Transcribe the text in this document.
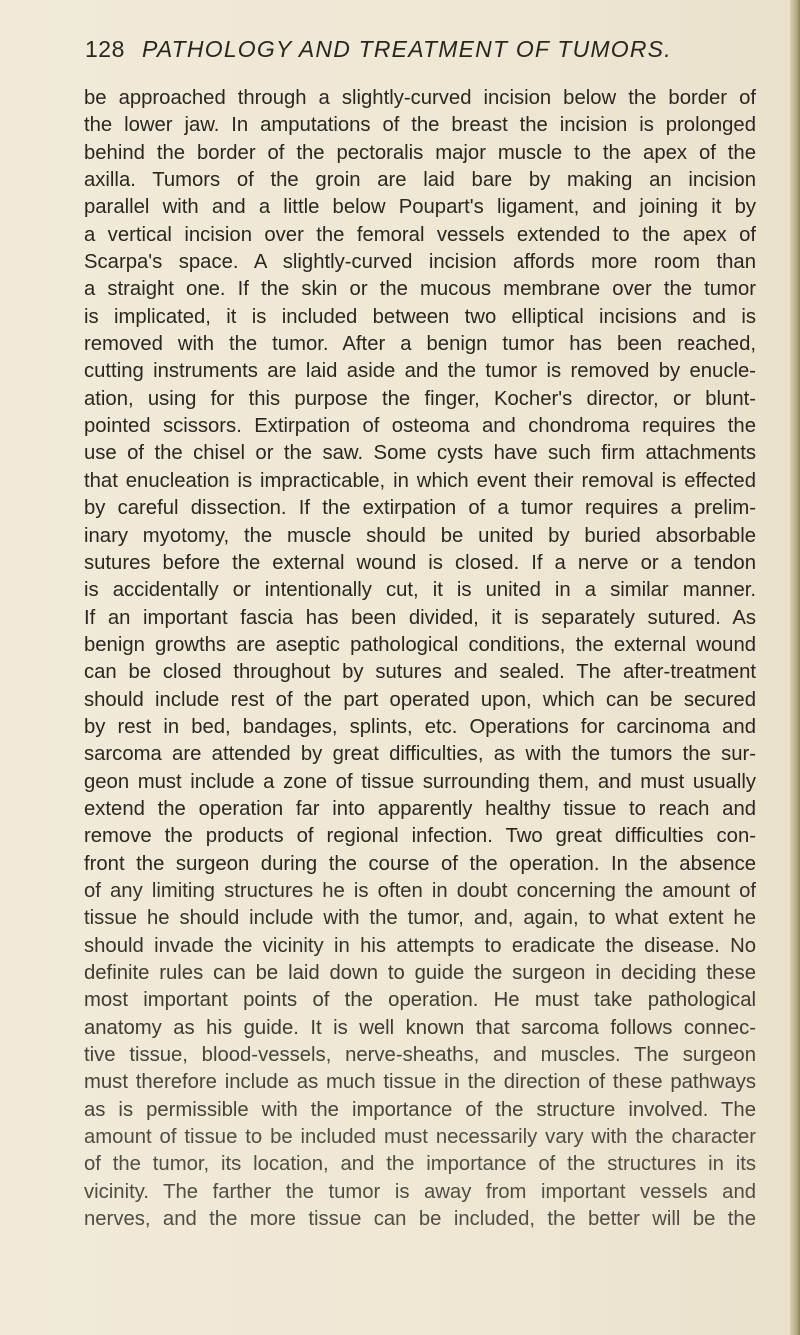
128 PATHOLOGY AND TREATMENT OF TUMORS.
be approached through a slightly-curved incision below the border of
the lower jaw. In amputations of the breast the incision is prolonged
behind the border of the pectoralis major muscle to the apex of the
axilla. Tumors of the groin are laid bare by making an incision
parallel with and a little below Poupart's ligament, and joining it by
a vertical incision over the femoral vessels extended to the apex of
Scarpa's space. A slightly-curved incision affords more room than
a straight one. If the skin or the mucous membrane over the tumor
is implicated, it is included between two elliptical incisions and is
removed with the tumor. After a benign tumor has been reached,
cutting instruments are laid aside and the tumor is removed by enucle-
ation, using for this purpose the finger, Kocher's director, or blunt-
pointed scissors. Extirpation of osteoma and chondroma requires the
use of the chisel or the saw. Some cysts have such firm attachments
that enucleation is impracticable, in which event their removal is effected
by careful dissection. If the extirpation of a tumor requires a prelim-
inary myotomy, the muscle should be united by buried absorbable
sutures before the external wound is closed. If a nerve or a tendon
is accidentally or intentionally cut, it is united in a similar manner.
If an important fascia has been divided, it is separately sutured. As
benign growths are aseptic pathological conditions, the external wound
can be closed throughout by sutures and sealed. The after-treatment
should include rest of the part operated upon, which can be secured
by rest in bed, bandages, splints, etc. Operations for carcinoma and
sarcoma are attended by great difficulties, as with the tumors the sur-
geon must include a zone of tissue surrounding them, and must usually
extend the operation far into apparently healthy tissue to reach and
remove the products of regional infection. Two great difficulties con-
front the surgeon during the course of the operation. In the absence
of any limiting structures he is often in doubt concerning the amount of
tissue he should include with the tumor, and, again, to what extent he
should invade the vicinity in his attempts to eradicate the disease. No
definite rules can be laid down to guide the surgeon in deciding these
most important points of the operation. He must take pathological
anatomy as his guide. It is well known that sarcoma follows connec-
tive tissue, blood-vessels, nerve-sheaths, and muscles. The surgeon
must therefore include as much tissue in the direction of these pathways
as is permissible with the importance of the structure involved. The
amount of tissue to be included must necessarily vary with the character
of the tumor, its location, and the importance of the structures in its
vicinity. The farther the tumor is away from important vessels and
nerves, and the more tissue can be included, the better will be the
